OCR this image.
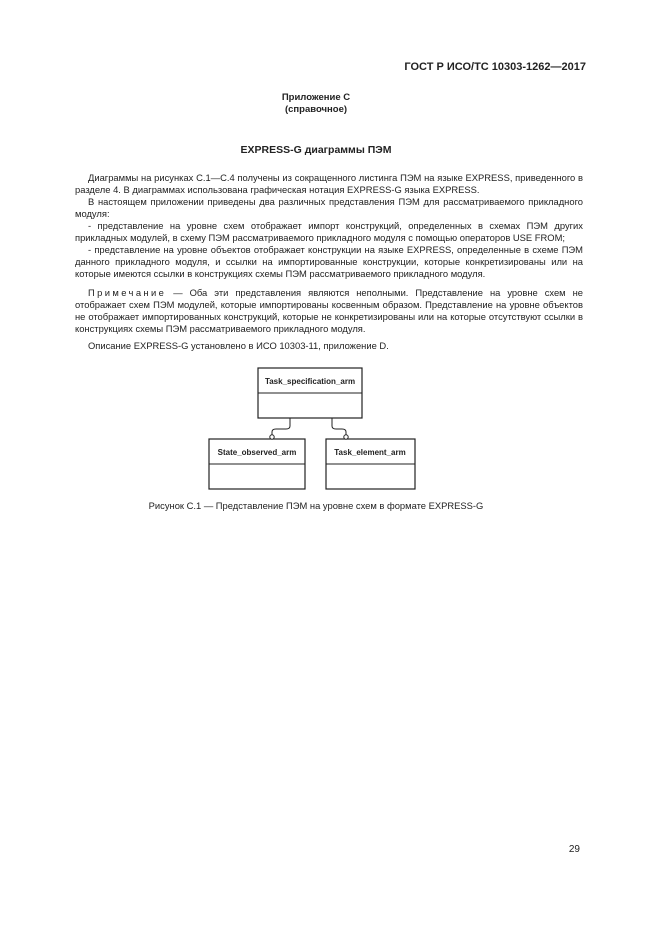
ГОСТ Р ИСО/ТС 10303-1262—2017
Приложение С
(справочное)
EXPRESS-G диаграммы ПЭМ

Диаграммы на рисунках С.1—С.4 получены из сокращенного листинга ПЭМ на языке EXPRESS, приведенного в разделе 4. В диаграммах использована графическая нотация EXPRESS-G языка EXPRESS.

В настоящем приложении приведены два различных представления ПЭМ для рассматриваемого прикладного модуля:

- представление на уровне схем отображает импорт конструкций, определенных в схемах ПЭМ других прикладных модулей, в схему ПЭМ рассматриваемого прикладного модуля с помощью операторов USE FROM;

- представление на уровне объектов отображает конструкции на языке EXPRESS, определенные в схеме ПЭМ данного прикладного модуля, и ссылки на импортированные конструкции, которые конкретизированы или на которые имеются ссылки в конструкциях схемы ПЭМ рассматриваемого прикладного модуля.

Примечание — Оба эти представления являются неполными. Представление на уровне схем не отображает схем ПЭМ модулей, которые импортированы косвенным образом. Представление на уровне объектов не отображает импортированных конструкций, которые не конкретизированы или на которые отсутствуют ссылки в конструкциях схемы ПЭМ рассматриваемого прикладного модуля.
Описание EXPRESS-G установлено в ИСО 10303-11, приложение D.
Task_specification_arm
State_observed_arm	Task_element_arm
Рисунок С.1 — Представление ПЭМ на уровне схем в формате EXPRESS-G
29
